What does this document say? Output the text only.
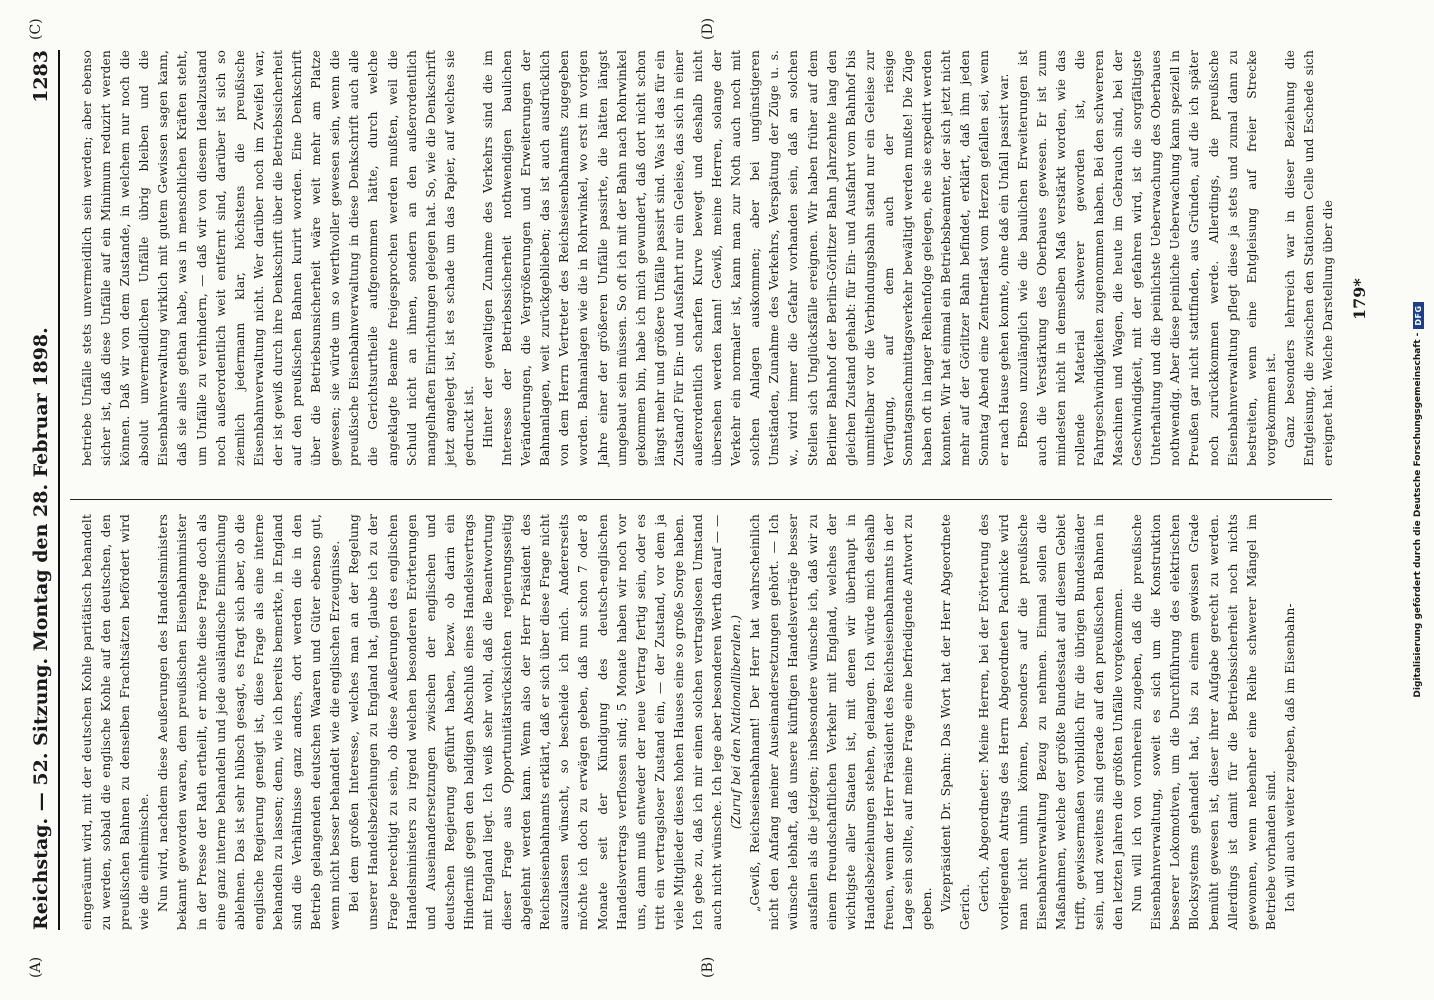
Reichstag. — 52. Sitzung. Montag den 28. Februar 1898.
1283
(A)	(B)
(C)	(D)

eingeräumt wird, mit der deutschen Kohle paritätisch behandelt zu werden, sobald die englische Kohle auf den deutschen, den preußischen Bahnen zu denselben Frachtsätzen befördert wird wie die einheimische. Nun wird, nachdem diese Aeußerungen des Handelsministers bekannt geworden waren, dem preußischen Eisenbahnminister in der Presse der Rath ertheilt, er möchte diese Frage doch als eine ganz interne behandeln und jede ausländische Einmischung ablehnen. Das ist sehr hübsch gesagt, es fragt sich aber, ob die englische Regierung geneigt ist, diese Frage als eine interne behandeln zu lassen; denn, wie ich bereits bemerkte, in England sind die Verhältnisse ganz anders, dort werden die in den Betrieb gelangenden deutschen Waaren und Güter ebenso gut, wenn nicht besser behandelt wie die englischen Erzeugnisse. Bei dem großen Interesse, welches man an der Regelung unserer Handelsbeziehungen zu England hat, glaube ich zu der Frage berechtigt zu sein, ob diese Aeußerungen des englischen Handelsministers zu irgend welchen besonderen Erörterungen und Auseinandersetzungen zwischen der englischen und deutschen Regierung geführt haben, bezw. ob darin ein Hinderniß gegen den baldigen Abschluß eines Handelsvertrags mit England liegt. Ich weiß sehr wohl, daß die Beantwortung dieser Frage aus Opportunitätsrücksichten regierungsseitig abgelehnt werden kann. Wenn also der Herr Präsident des Reichseisenbahnamts erklärt, daß er sich über diese Frage nicht auszulassen wünscht, so bescheide ich mich. Andererseits möchte ich doch zu erwägen geben, daß nun schon 7 oder 8 Monate seit der Kündigung des deutsch-englischen Handelsvertrags verflossen sind; 5 Monate haben wir noch vor uns, dann muß entweder der neue Vertrag fertig sein, oder es tritt ein vertragsloser Zustand ein, — der Zustand, vor dem ja viele Mitglieder dieses hohen Hauses eine so große Sorge haben. Ich gebe zu, daß ich mir einen solchen vertragslosen Umstand auch nicht wünsche. Ich lege aber besonderen Werth darauf — — (Zuruf bei den Nationalliberalen.) „Gewiß, Reichseisenbahnamt! Der Herr hat wahrscheinlich nicht den Anfang meiner Auseinandersetzungen gehört. — Ich wünsche lebhaft, daß unsere künftigen Handelsverträge besser ausfallen als die jetzigen; insbesondere wünsche ich, daß wir zu einem freundschaftlichen Verkehr mit England, welches der wichtigste aller Staaten ist, mit denen wir überhaupt in Handelsbeziehungen stehen, gelangen. Ich würde mich deshalb freuen, wenn der Herr Präsident des Reichseisenbahnamts in der Lage sein sollte, auf meine Frage eine befriedigende Antwort zu geben. Vizepräsident Dr. Spahn: Das Wort hat der Herr Abgeordnete Gerich. Gerich, Abgeordneter: Meine Herren, bei der Erörterung des vorliegenden Antrags des Herrn Abgeordneten Pachnicke wird man nicht umhin können, besonders auf die preußische Eisenbahnverwaltung Bezug zu nehmen. Einmal sollen die Maßnahmen, welche der größte Bundesstaat auf diesem Gebiet trifft, gewissermaßen vorbildlich für die übrigen Bundesländer sein, und zweitens sind gerade auf den preußischen Bahnen in den letzten Jahren die größten Unfälle vorgekommen. Nun will ich von vornherein zugeben, daß die preußische Eisenbahnverwaltung, soweit es sich um die Konstruktion besserer Lokomotiven, um die Durchführung des elektrischen Blocksystems gehandelt hat, bis zu einem gewissen Grade bemüht gewesen ist, dieser ihrer Aufgabe gerecht zu werden. Allerdings ist damit für die Betriebssicherheit noch nichts gewonnen, wenn nebenher eine Reihe schwerer Mängel im Betriebe vorhanden sind. Ich will auch weiter zugeben, daß im Eisenbahn-

betriebe Unfälle stets unvermeidlich sein werden; aber ebenso sicher ist, daß diese Unfälle auf ein Minimum reduzirt werden können. Daß wir von dem Zustande, in welchem nur noch die absolut unvermeidlichen Unfälle übrig bleiben und die Eisenbahnverwaltung wirklich mit gutem Gewissen sagen kann, daß sie alles gethan habe, was in menschlichen Kräften steht, um Unfälle zu verhindern, — daß wir von diesem Idealzustand noch außerordentlich weit entfernt sind, darüber ist sich so ziemlich jedermann klar, höchstens die preußische Eisenbahnverwaltung nicht. Wer darüber noch im Zweifel war, der ist gewiß durch ihre Denkschrift über die Betriebssicherheit auf den preußischen Bahnen kurirt worden. Eine Denkschrift über die Betriebsunsicherheit wäre weit mehr am Platze gewesen; sie würde um so werthvoller gewesen sein, wenn die preußische Eisenbahnverwaltung in diese Denkschrift auch alle die Gerichtsurtheile aufgenommen hätte, durch welche angeklagte Beamte freigesprochen werden mußten, weil die Schuld nicht an ihnen, sondern an den außerordentlich mangelhaften Einrichtungen gelegen hat. So, wie die Denkschrift jetzt angelegt ist, ist es schade um das Papier, auf welches sie gedruckt ist. Hinter der gewaltigen Zunahme des Verkehrs sind die im Interesse der Betriebssicherheit nothwendigen baulichen Veränderungen, die Vergrößerungen und Erweiterungen der Bahnanlagen, weit zurückgeblieben; das ist auch ausdrücklich von dem Herrn Vertreter des Reichseisenbahnamts zugegeben worden. Bahnanlagen wie die in Rohrwinkel, wo erst im vorigen Jahre einer der größeren Unfälle passirte, die hätten längst umgebaut sein müssen. So oft ich mit der Bahn nach Rohrwinkel gekommen bin, habe ich mich gewundert, daß dort nicht schon längst mehr und größere Unfälle passirt sind. Was ist das für ein Zustand? Für Ein- und Ausfahrt nur ein Geleise, das sich in einer außerordentlich scharfen Kurve bewegt und deshalb nicht übersehen werden kann! Gewiß, meine Herren, solange der Verkehr ein normaler ist, kann man zur Noth auch noch mit solchen Anlagen auskommen; aber bei ungünstigeren Umständen, Zunahme des Verkehrs, Verspätung der Züge u. s. w., wird immer die Gefahr vorhanden sein, daß an solchen Stellen sich Unglücksfälle ereignen. Wir haben früher auf dem Berliner Bahnhof der Berlin-Görlitzer Bahn Jahrzehnte lang den gleichen Zustand gehabt: für Ein- und Ausfahrt vom Bahnhof bis unmittelbar vor die Verbindungsbahn stand nur ein Geleise zur Verfügung, auf dem auch der riesige Sonntagsnachmittagsverkehr bewältigt werden mußte! Die Züge haben oft in langer Reihenfolge gelegen, ehe sie expedirt werden konnten. Wir hat einmal ein Betriebsbeamter, der sich jetzt nicht mehr auf der Görlitzer Bahn befindet, erklärt, daß ihm jeden Sonntag Abend eine Zentnerlast vom Herzen gefallen sei, wenn er nach Hause gehen konnte, ohne daß ein Unfall passirt war. Ebenso unzulänglich wie die baulichen Erweiterungen ist auch die Verstärkung des Oberbaues gewesen. Er ist zum mindesten nicht in demselben Maß verstärkt worden, wie das rollende Material schwerer geworden ist, die Fahrgeschwindigkeiten zugenommen haben. Bei den schwereren Maschinen und Wagen, die heute im Gebrauch sind, bei der Geschwindigkeit, mit der gefahren wird, ist die sorgfältigste Unterhaltung und die peinlichste Ueberwachung des Oberbaues nothwendig. Aber diese peinliche Ueberwachung kann speziell in Preußen gar nicht stattfinden, aus Gründen, auf die ich später noch zurückkommen werde. Allerdings, die preußische Eisenbahnverwaltung pflegt diese ja stets und zumal dann zu bestreiten, wenn eine Entgleisung auf freier Strecke vorgekommen ist. Ganz besonders lehrreich war in dieser Beziehung die Entgleisung, die zwischen den Stationen Celle und Eschede sich ereignet hat. Welche Darstellung über die 179*
Digitalisierung gefördert durch die Deutsche Forschungsgemeinschaft -
DFG
